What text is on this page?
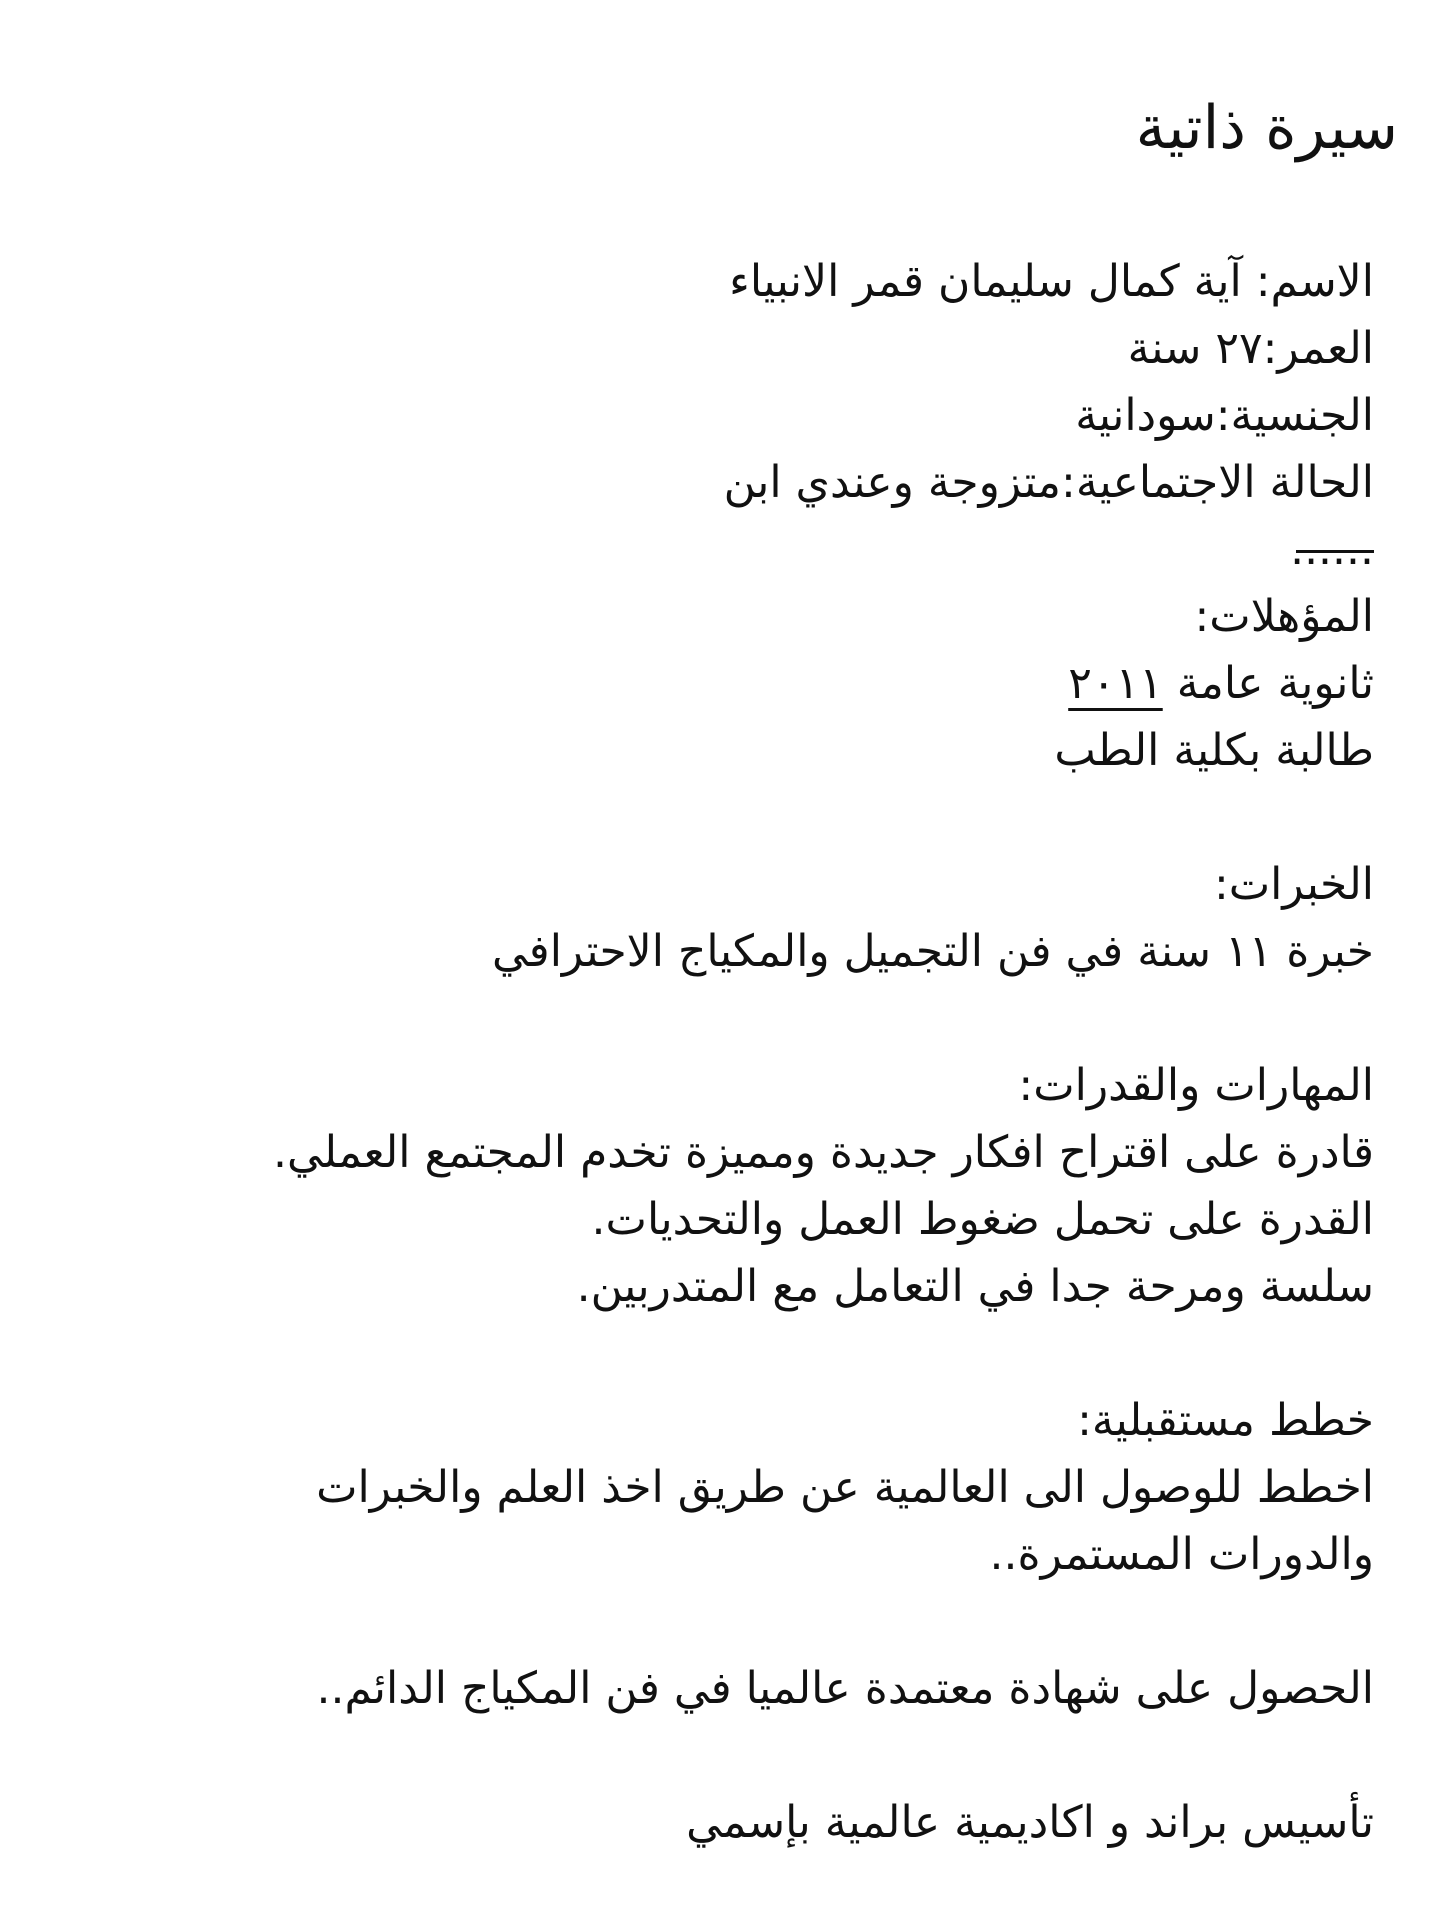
سيرة ذاتية
الاسم: آية كمال سليمان قمر الانبياء
العمر:٢٧ سنة
الجنسية:سودانية
الحالة الاجتماعية:متزوجة وعندي ابن
......
المؤهلات:
ثانوية عامة ٢٠١١
طالبة بكلية الطب
الخبرات:
خبرة ١١ سنة في فن التجميل والمكياج الاحترافي
المهارات والقدرات:
قادرة على اقتراح افكار جديدة ومميزة تخدم المجتمع العملي.
القدرة على تحمل ضغوط العمل والتحديات.
سلسة ومرحة جدا في التعامل مع المتدربين.
خطط مستقبلية:
اخطط للوصول الى العالمية عن طريق اخذ العلم والخبرات
والدورات المستمرة..
الحصول على شهادة معتمدة عالميا في فن المكياج الدائم..
تأسيس براند و اكاديمية عالمية بإسمي
